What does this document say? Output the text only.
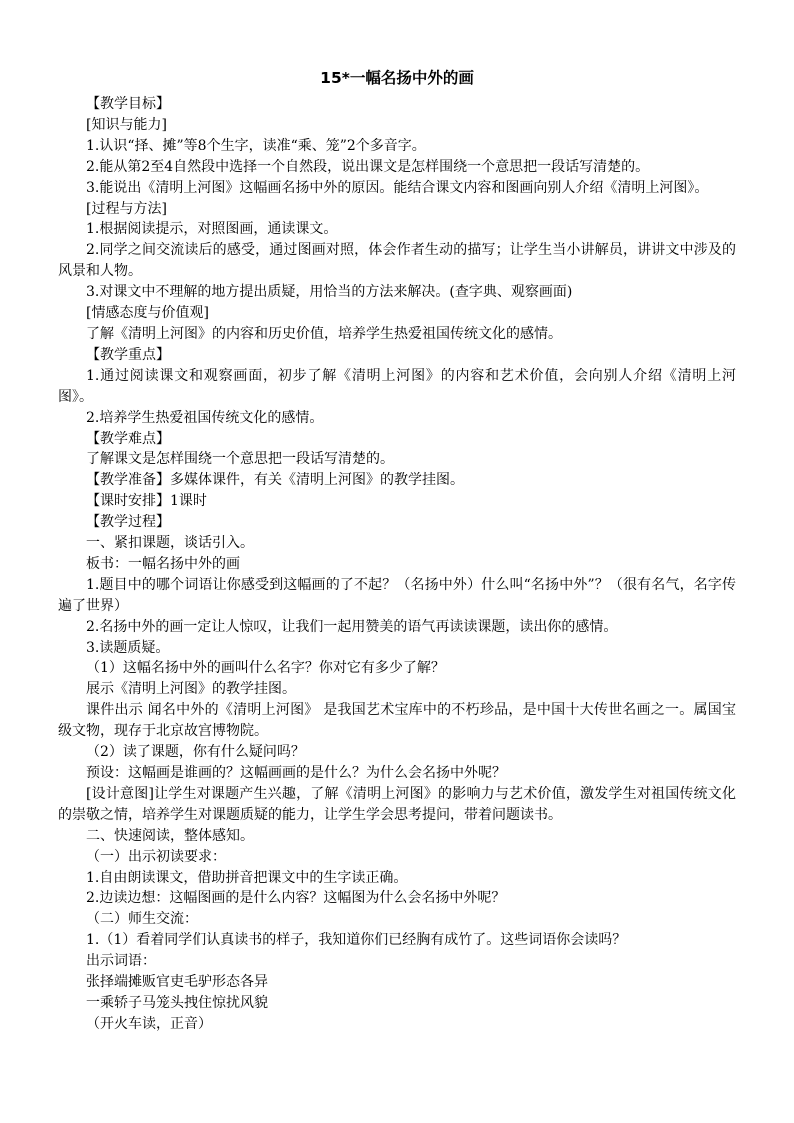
15*一幅名扬中外的画

【教学目标】

[知识与能力]

1.认识“择、摊”等8个生字，读准“乘、笼”2个多音字。

2.能从第2至4自然段中选择一个自然段，说出课文是怎样围绕一个意思把一段话写清楚的。

3.能说出《清明上河图》这幅画名扬中外的原因。能结合课文内容和图画向别人介绍《清明上河图》。

[过程与方法]

1.根据阅读提示，对照图画，通读课文。

2.同学之间交流读后的感受，通过图画对照，体会作者生动的描写；让学生当小讲解员，讲讲文中涉及的风景和人物。

3.对课文中不理解的地方提出质疑，用恰当的方法来解决。(查字典、观察画面)

[情感态度与价值观]

了解《清明上河图》的内容和历史价值，培养学生热爱祖国传统文化的感情。

【教学重点】

1.通过阅读课文和观察画面，初步了解《清明上河图》的内容和艺术价值，会向别人介绍《清明上河图》。

2.培养学生热爱祖国传统文化的感情。

【教学难点】

了解课文是怎样围绕一个意思把一段话写清楚的。

【教学准备】多媒体课件，有关《清明上河图》的教学挂图。

【课时安排】1课时

【教学过程】

一、紧扣课题，谈话引入。

板书：一幅名扬中外的画

1.题目中的哪个词语让你感受到这幅画的了不起？（名扬中外）什么叫“名扬中外”？（很有名气，名字传遍了世界）

2.名扬中外的画一定让人惊叹，让我们一起用赞美的语气再读读课题，读出你的感情。

3.读题质疑。

（1）这幅名扬中外的画叫什么名字？你对它有多少了解？

展示《清明上河图》的教学挂图。

课件出示 闻名中外的《清明上河图》 是我国艺术宝库中的不朽珍品，是中国十大传世名画之一。属国宝级文物，现存于北京故宫博物院。

（2）读了课题，你有什么疑问吗？

预设：这幅画是谁画的？这幅画画的是什么？为什么会名扬中外呢？

[设计意图]让学生对课题产生兴趣，了解《清明上河图》的影响力与艺术价值，激发学生对祖国传统文化的崇敬之情，培养学生对课题质疑的能力，让学生学会思考提问，带着问题读书。

二、快速阅读，整体感知。

（一）出示初读要求：

1.自由朗读课文，借助拼音把课文中的生字读正确。

2.边读边想：这幅图画的是什么内容？这幅图为什么会名扬中外呢？

（二）师生交流：

1.（1）看着同学们认真读书的样子，我知道你们已经胸有成竹了。这些词语你会读吗？

出示词语：

张择端摊贩官吏毛驴形态各异

一乘轿子马笼头拽住惊扰风貌

（开火车读，正音）
